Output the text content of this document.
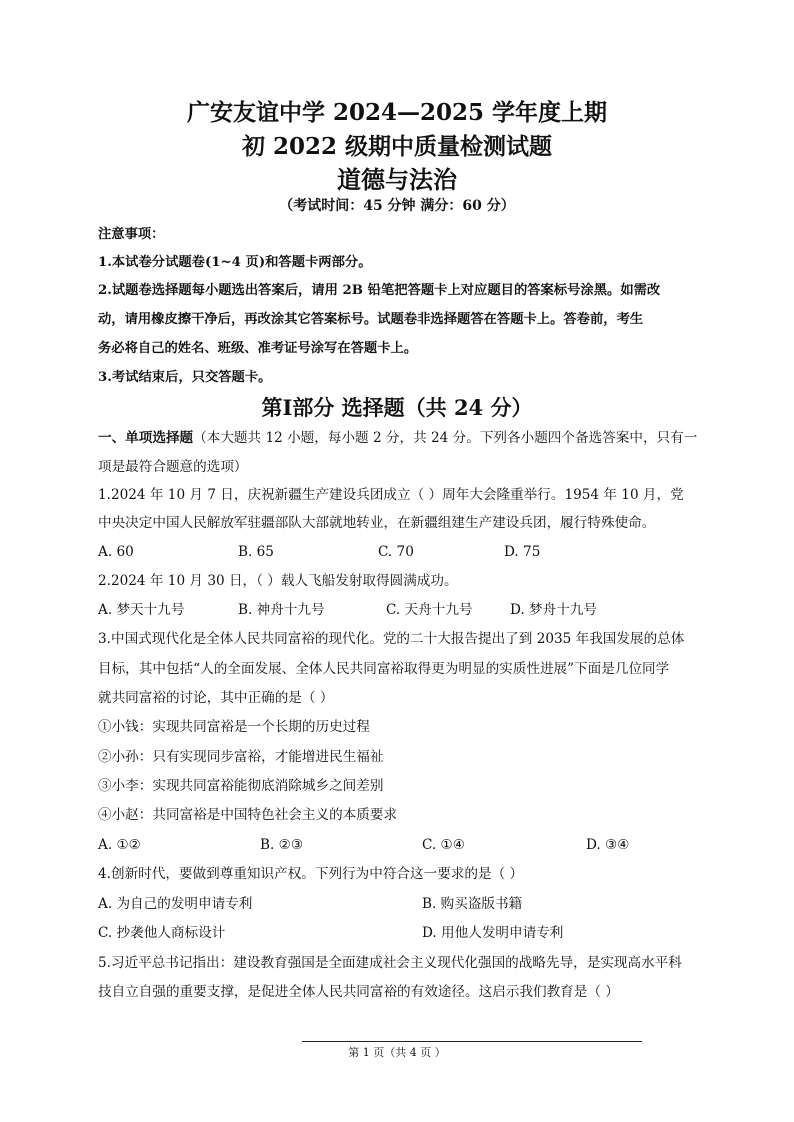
广安友谊中学 2024—2025 学年度上期
初 2022 级期中质量检测试题
道德与法治
（考试时间：45 分钟 满分：60 分）
注意事项：
1.本试卷分试题卷(1~4 页)和答题卡两部分。
2.试题卷选择题每小题选出答案后，请用 2B 铅笔把答题卡上对应题目的答案标号涂黑。如需改
动，请用橡皮擦干净后，再改涂其它答案标号。试题卷非选择题答在答题卡上。答卷前，考生
务必将自己的姓名、班级、准考证号涂写在答题卡上。
3.考试结束后，只交答题卡。
第Ⅰ部分 选择题（共 24 分）
一、单项选择题（本大题共 12 小题，每小题 2 分，共 24 分。下列各小题四个备选答案中，只有一
项是最符合题意的选项）
1.2024 年 10 月 7 日，庆祝新疆生产建设兵团成立（ ）周年大会隆重举行。1954 年 10 月，党
中央决定中国人民解放军驻疆部队大部就地转业，在新疆组建生产建设兵团，履行特殊使命。
A. 60	B. 65	C. 70	D. 75
2.2024 年 10 月 30 日，（ ）载人飞船发射取得圆满成功。
A. 梦天十九号	B. 神舟十九号	C. 天舟十九号	D. 梦舟十九号
3.中国式现代化是全体人民共同富裕的现代化。党的二十大报告提出了到 2035 年我国发展的总体
目标，其中包括“人的全面发展、全体人民共同富裕取得更为明显的实质性进展”下面是几位同学
就共同富裕的讨论，其中正确的是（ ）
①小钱：实现共同富裕是一个长期的历史过程
②小孙：只有实现同步富裕，才能增进民生福祉
③小李：实现共同富裕能彻底消除城乡之间差别
④小赵：共同富裕是中国特色社会主义的本质要求
A. ①②	B. ②③	C. ①④	D. ③④
4.创新时代，要做到尊重知识产权。下列行为中符合这一要求的是（ ）
A. 为自己的发明申请专利	B. 购买盗版书籍
C. 抄袭他人商标设计	D. 用他人发明申请专利
5.习近平总书记指出：建设教育强国是全面建成社会主义现代化强国的战略先导，是实现高水平科
技自立自强的重要支撑，是促进全体人民共同富裕的有效途径。这启示我们教育是（ ）
第 1 页（共 4 页 ）
